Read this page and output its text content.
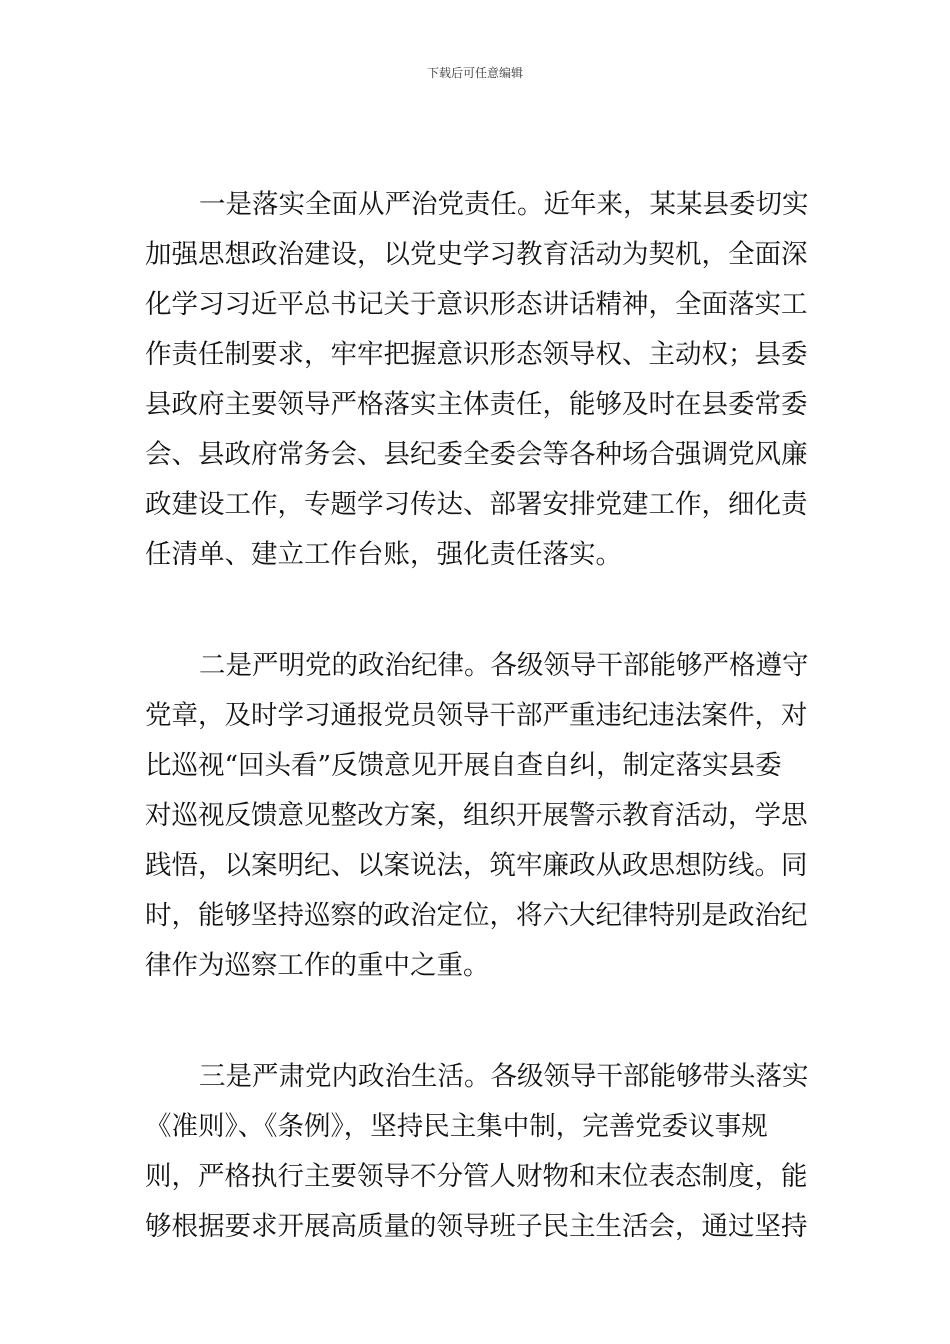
下载后可任意编辑
一是落实全面从严治党责任。近年来，某某县委切实
加强思想政治建设，以党史学习教育活动为契机，全面深
化学习习近平总书记关于意识形态讲话精神，全面落实工
作责任制要求，牢牢把握意识形态领导权、主动权；县委
县政府主要领导严格落实主体责任，能够及时在县委常委
会、县政府常务会、县纪委全委会等各种场合强调党风廉
政建设工作，专题学习传达、部署安排党建工作，细化责
任清单、建立工作台账，强化责任落实。
二是严明党的政治纪律。各级领导干部能够严格遵守
党章，及时学习通报党员领导干部严重违纪违法案件，对
比巡视“回头看”反馈意见开展自查自纠，制定落实县委
对巡视反馈意见整改方案，组织开展警示教育活动，学思
践悟，以案明纪、以案说法，筑牢廉政从政思想防线。同
时，能够坚持巡察的政治定位，将六大纪律特别是政治纪
律作为巡察工作的重中之重。
三是严肃党内政治生活。各级领导干部能够带头落实
《准则》、《条例》，坚持民主集中制，完善党委议事规
则，严格执行主要领导不分管人财物和末位表态制度，能
够根据要求开展高质量的领导班子民主生活会，通过坚持
